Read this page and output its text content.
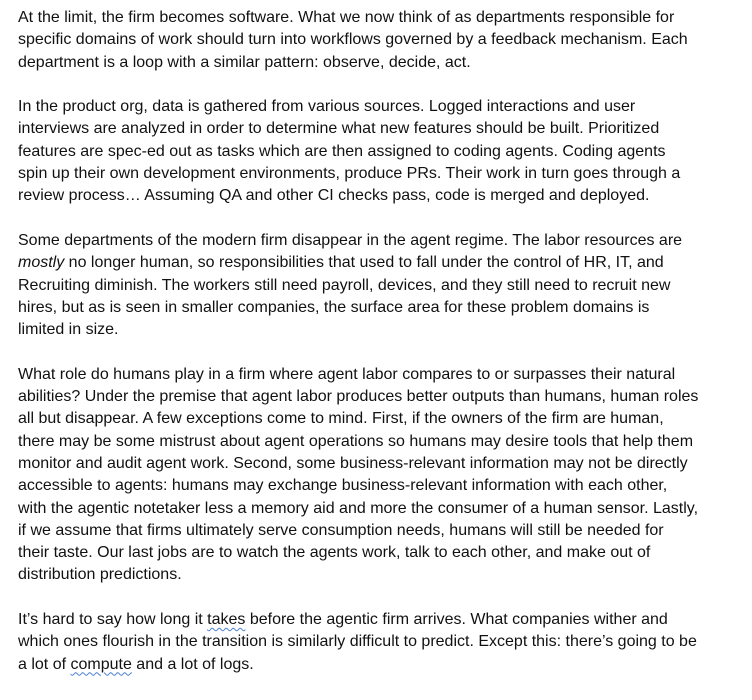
At the limit, the firm becomes software. What we now think of as departments responsible for
specific domains of work should turn into workflows governed by a feedback mechanism. Each
department is a loop with a similar pattern: observe, decide, act.

In the product org, data is gathered from various sources. Logged interactions and user
interviews are analyzed in order to determine what new features should be built. Prioritized
features are spec-ed out as tasks which are then assigned to coding agents. Coding agents
spin up their own development environments, produce PRs. Their work in turn goes through a
review process… Assuming QA and other CI checks pass, code is merged and deployed.

Some departments of the modern firm disappear in the agent regime. The labor resources are
mostly no longer human, so responsibilities that used to fall under the control of HR, IT, and
Recruiting diminish. The workers still need payroll, devices, and they still need to recruit new
hires, but as is seen in smaller companies, the surface area for these problem domains is
limited in size.

What role do humans play in a firm where agent labor compares to or surpasses their natural
abilities? Under the premise that agent labor produces better outputs than humans, human roles
all but disappear. A few exceptions come to mind. First, if the owners of the firm are human,
there may be some mistrust about agent operations so humans may desire tools that help them
monitor and audit agent work. Second, some business-relevant information may not be directly
accessible to agents: humans may exchange business-relevant information with each other,
with the agentic notetaker less a memory aid and more the consumer of a human sensor. Lastly,
if we assume that firms ultimately serve consumption needs, humans will still be needed for
their taste. Our last jobs are to watch the agents work, talk to each other, and make out of
distribution predictions.

It’s hard to say how long it takes before the agentic firm arrives. What companies wither and
which ones flourish in the transition is similarly difficult to predict. Except this: there’s going to be
a lot of compute and a lot of logs.
